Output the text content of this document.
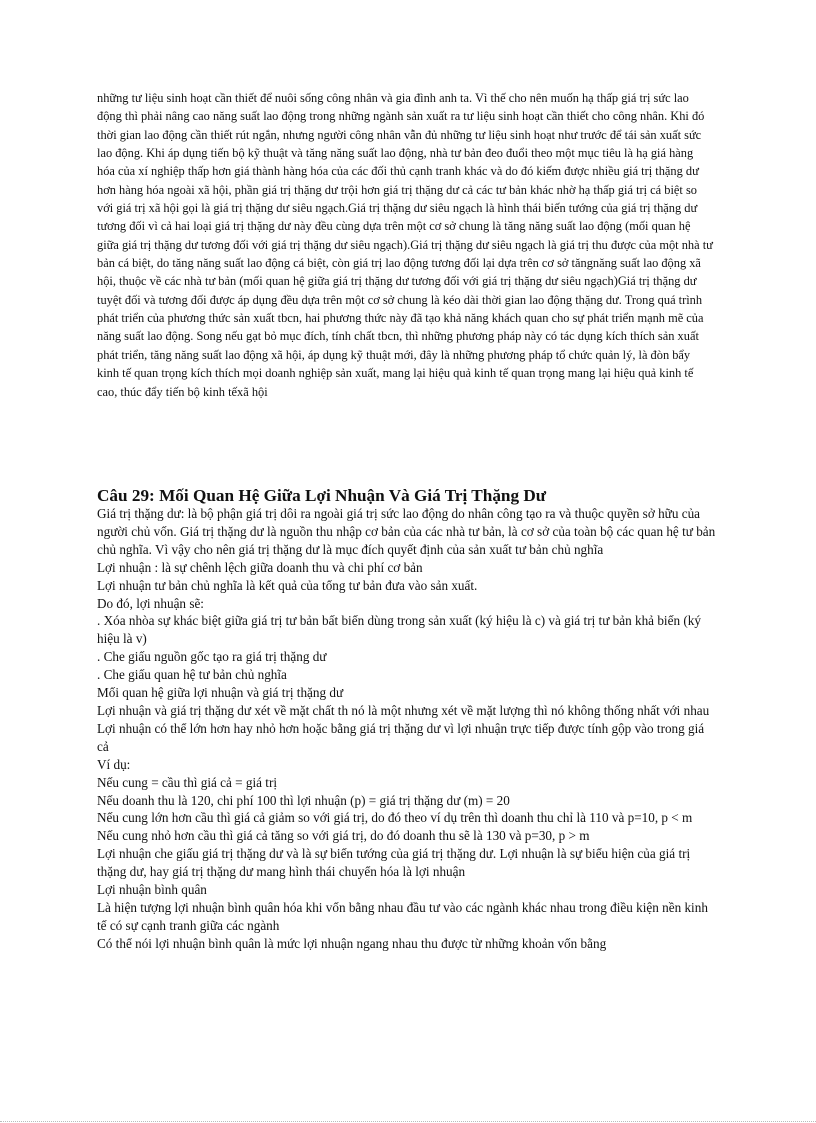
những tư liệu sinh hoạt cần thiết để nuôi sống công nhân và gia đình anh ta. Vì thế cho nên muốn hạ thấp giá trị sức lao động thì phải nâng cao năng suất lao động trong những ngành sản xuất ra tư liệu sinh hoạt cần thiết cho công nhân. Khi đó thời gian lao động cần thiết rút ngắn, nhưng người công nhân vẫn đủ những tư liệu sinh hoạt như trước để tái sản xuất sức lao động. Khi áp dụng tiến bộ kỹ thuật và tăng năng suất lao động, nhà tư bản đeo đuổi theo một mục tiêu là hạ giá hàng hóa của xí nghiệp thấp hơn giá thành hàng hóa của các đối thủ cạnh tranh khác và do đó kiếm được nhiều giá trị thặng dư hơn hàng hóa ngoài xã hội, phần giá trị thặng dư trội hơn giá trị thặng dư cả các tư bản khác nhờ hạ thấp giá trị cá biệt so với giá trị xã hội gọi là giá trị thặng dư siêu ngạch.Giá trị thặng dư siêu ngạch là hình thái biến tướng của giá trị thặng dư tương đối vì cả hai loại giá trị thặng dư này đều cùng dựa trên một cơ sở chung là tăng năng suất lao động (mối quan hệ giữa giá trị thặng dư tương đối với giá trị thặng dư siêu ngạch).Giá trị thặng dư siêu ngạch là giá trị thu được của một nhà tư bản cá biệt, do tăng năng suất lao động cá biệt, còn giá trị lao động tương đối lại dựa trên cơ sở tăngnăng suất lao động xã hội, thuộc về các nhà tư bản (mối quan hệ giữa giá trị thặng dư tương đối với giá trị thặng dư siêu ngạch)Giá trị thặng dư tuyệt đối và tương đối được áp dụng đều dựa trên một cơ sở chung là kéo dài thời gian lao động thặng dư. Trong quá trình phát triển của phương thức sản xuất tbcn, hai phương thức này đã tạo khả năng khách quan cho sự phát triển mạnh mẽ của năng suất lao động. Song nếu gạt bỏ mục đích, tính chất tbcn, thì những phương pháp này có tác dụng kích thích sản xuất phát triển, tăng năng suất lao động xã hội, áp dụng kỹ thuật mới, đây là những phương pháp tổ chức quản lý, là đòn bẩy kinh tế quan trọng kích thích mọi doanh nghiệp sản xuất, mang lại hiệu quả kinh tế quan trọng mang lại hiệu quả kinh tế cao, thúc đẩy tiến bộ kinh tếxã hội

Câu 29: Mối Quan Hệ Giữa Lợi Nhuận Và Giá Trị Thặng Dư

Giá trị thặng dư: là bộ phận giá trị dôi ra ngoài giá trị sức lao động do nhân công tạo ra và thuộc quyền sở hữu của người chủ vốn. Giá trị thặng dư là nguồn thu nhập cơ bản của các nhà tư bản, là cơ sở của toàn bộ các quan hệ tư bản chủ nghĩa. Vì vậy cho nên giá trị thặng dư là mục đích quyết định của sản xuất tư bản chủ nghĩa

Lợi nhuận : là sự chênh lệch giữa doanh thu và chi phí cơ bản

Lợi nhuận tư bản chủ nghĩa là kết quả của tổng tư bản đưa vào sản xuất.

Do đó, lợi nhuận sẽ:

. Xóa nhòa sự khác biệt giữa giá trị tư bản bất biến dùng trong sản xuất (ký hiệu là c) và giá trị tư bản khả biến (ký hiệu là v)

. Che giấu nguồn gốc tạo ra giá trị thặng dư

. Che giấu quan hệ tư bản chủ nghĩa

Mối quan hệ giữa lợi nhuận và giá trị thặng dư

Lợi nhuận và giá trị thặng dư xét về mặt chất th nó là một nhưng xét về mặt lượng thì nó không thống nhất với nhau

Lợi nhuận có thể lớn hơn hay nhỏ hơn hoặc bằng giá trị thặng dư vì lợi nhuận trực tiếp được tính gộp vào trong giá cả

Ví dụ:

Nếu cung = cầu thì giá cả = giá trị

Nếu doanh thu là 120, chi phí 100 thì lợi nhuận (p) = giá trị thặng dư (m) = 20

Nếu cung lớn hơn cầu thì giá cả giảm so với giá trị, do đó theo ví dụ trên thì doanh thu chỉ là 110 và p=10, p < m

Nếu cung nhỏ hơn cầu thì giá cả tăng so với giá trị, do đó doanh thu sẽ là 130 và p=30, p > m

Lợi nhuận che giấu giá trị thặng dư và là sự biến tướng của giá trị thặng dư. Lợi nhuận là sự biểu hiện của giá trị thặng dư, hay giá trị thặng dư mang hình thái chuyển hóa là lợi nhuận

Lợi nhuận bình quân

Là hiện tượng lợi nhuận bình quân hóa khi vốn bằng nhau đầu tư vào các ngành khác nhau trong điều kiện nền kinh tế có sự cạnh tranh giữa các ngành

Có thể nói lợi nhuận bình quân là mức lợi nhuận ngang nhau thu được từ những khoản vốn bằng
